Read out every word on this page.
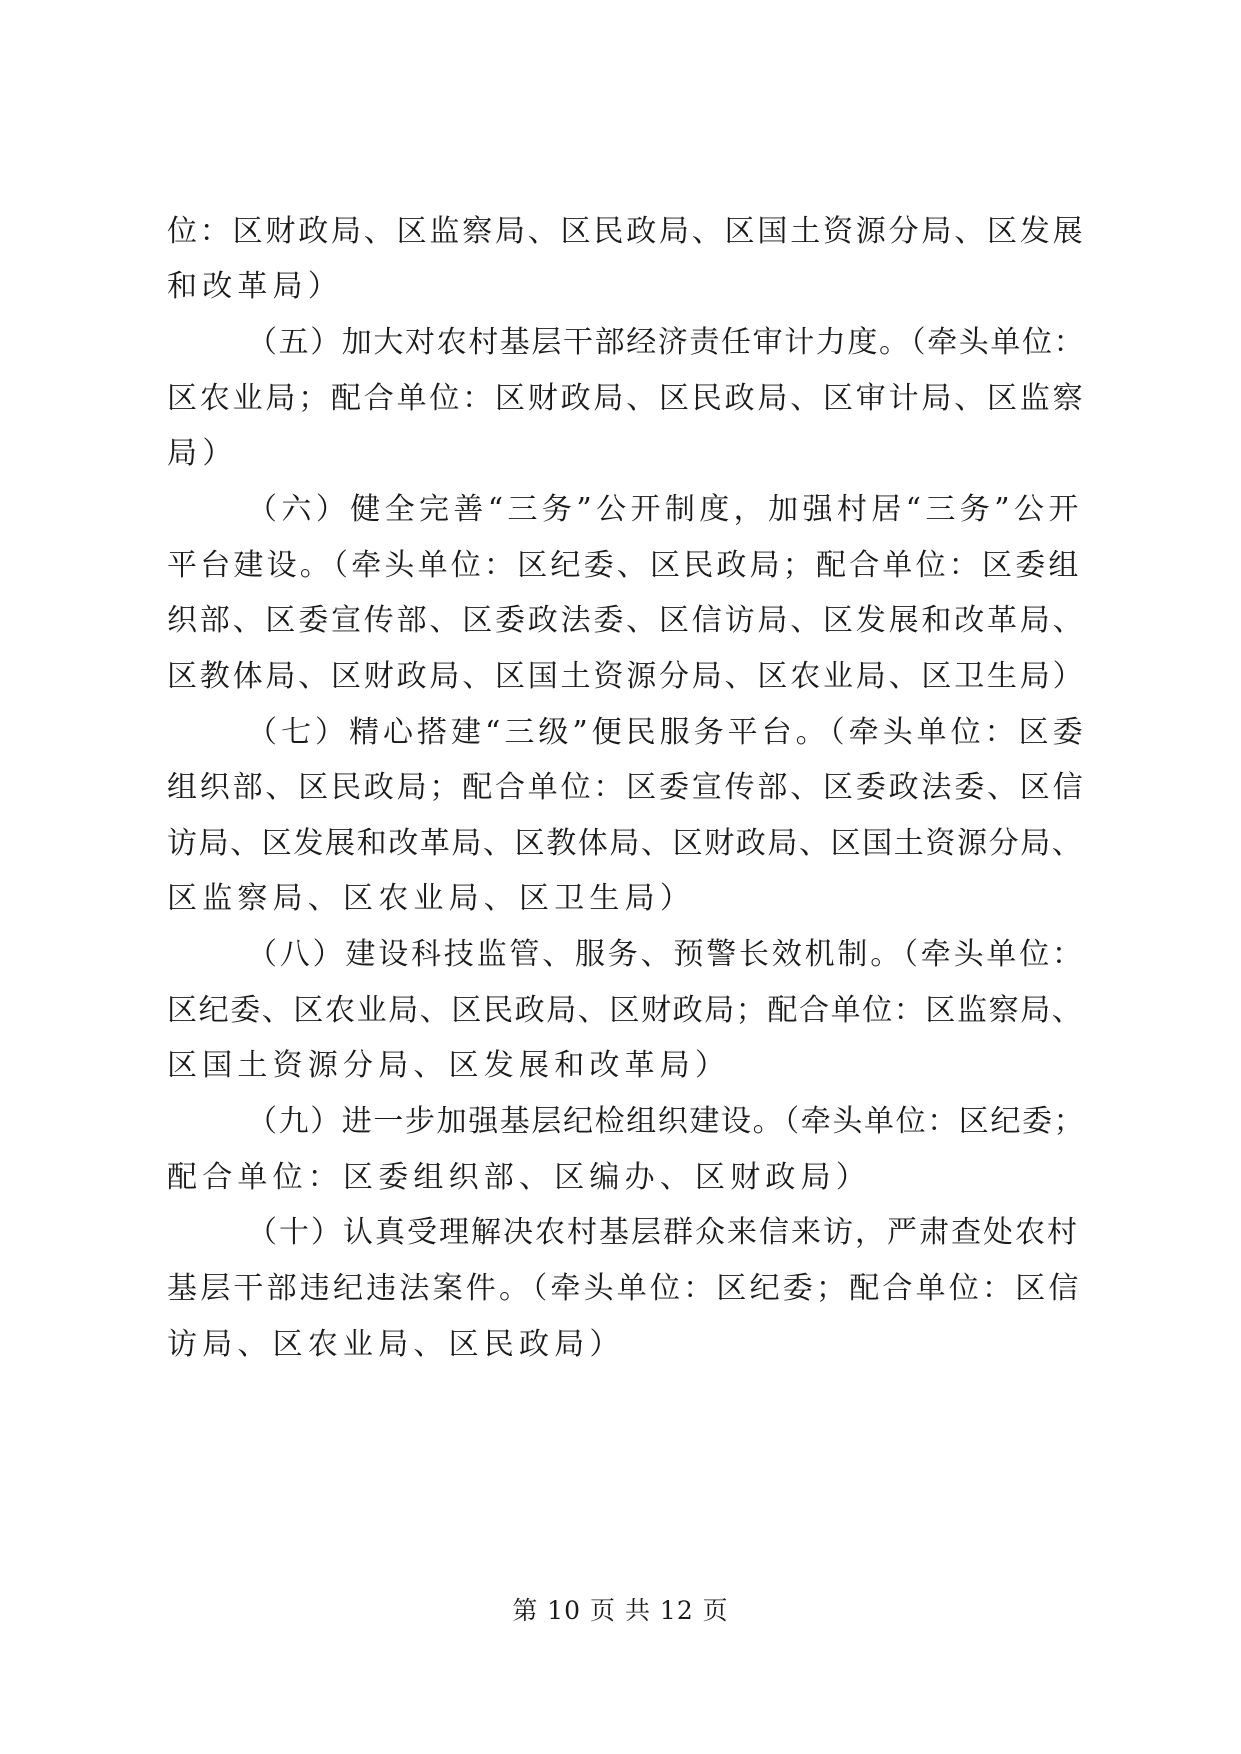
位：区财政局、区监察局、区民政局、区国土资源分局、区发展
和改革局）
（五）加大对农村基层干部经济责任审计力度。（牵头单位：
区农业局；配合单位：区财政局、区民政局、区审计局、区监察
局）
（六）健全完善“三务”公开制度，加强村居“三务”公开
平台建设。（牵头单位：区纪委、区民政局；配合单位：区委组
织部、区委宣传部、区委政法委、区信访局、区发展和改革局、
区教体局、区财政局、区国土资源分局、区农业局、区卫生局）
（七）精心搭建“三级”便民服务平台。（牵头单位：区委
组织部、区民政局；配合单位：区委宣传部、区委政法委、区信
访局、区发展和改革局、区教体局、区财政局、区国土资源分局、
区监察局、区农业局、区卫生局）
（八）建设科技监管、服务、预警长效机制。（牵头单位：
区纪委、区农业局、区民政局、区财政局；配合单位：区监察局、
区国土资源分局、区发展和改革局）
（九）进一步加强基层纪检组织建设。（牵头单位：区纪委；
配合单位：区委组织部、区编办、区财政局）
（十）认真受理解决农村基层群众来信来访，严肃查处农村
基层干部违纪违法案件。（牵头单位：区纪委；配合单位：区信
访局、区农业局、区民政局）
第 10 页 共 12 页
